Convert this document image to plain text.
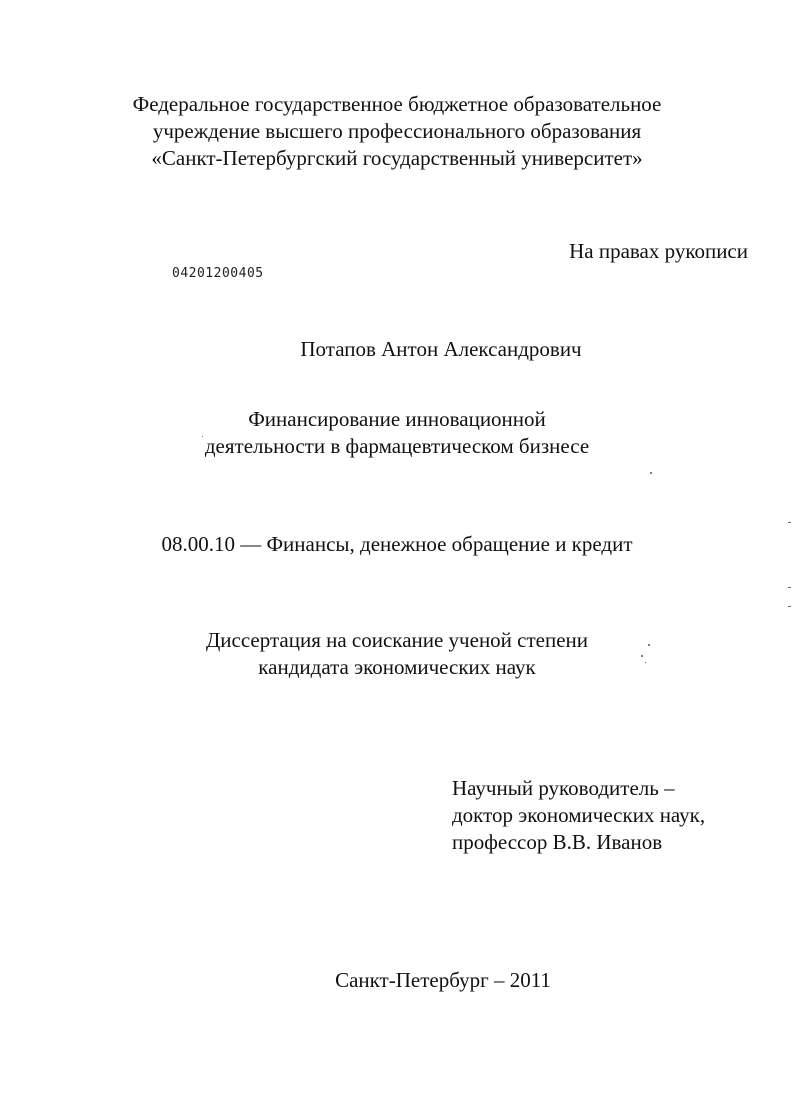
Федеральное государственное бюджетное образовательное
учреждение высшего профессионального образования
«Санкт-Петербургский государственный университет»
На правах рукописи
04201200405
Потапов Антон Александрович
Финансирование инновационной
деятельности в фармацевтическом бизнесе
08.00.10 — Финансы, денежное обращение и кредит
Диссертация на соискание ученой степени
кандидата экономических наук
Научный руководитель –
доктор экономических наук,
профессор В.В. Иванов
Санкт-Петербург – 2011
